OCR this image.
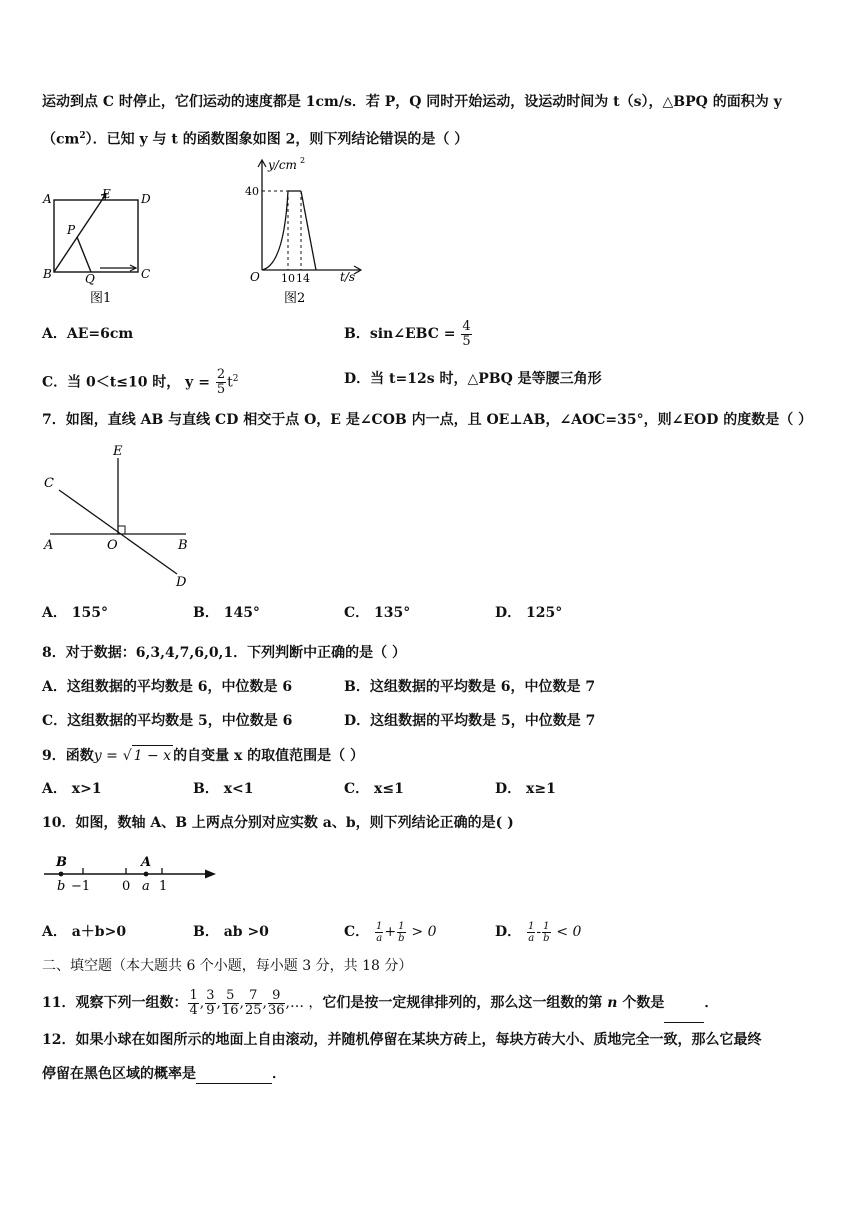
运动到点 C 时停止，它们运动的速度都是 1cm/s．若 P，Q 同时开始运动，设运动时间为 t（s），△BPQ 的面积为 y
$(cm^2)$．已知 y 与 t 的函数图象如图 2，则下列结论错误的是（ ）
A	E	D
P
B	Q	C
图1
y/cm 2
40
O 10 14	t/s
图2
A．AE=6cm	B．sin∠EBC = $\frac{4}{5}$
C．当 0＜t≤10 时， $y = \frac{2}{5} t^2$	D．当 t=12s 时，△PBQ 是等腰三角形
7．如图，直线 AB 与直线 CD 相交于点 O，E 是∠COB 内一点，且 OE⊥AB，∠AOC=35°，则∠EOD 的度数是（ ）
E
C
A	O	B
D
A． 155°	B． 145°	C． 135°	D． 125°
8．对于数据：6,3,4,7,6,0,1．下列判断中正确的是（ ）
A．这组数据的平均数是 6，中位数是 6	B．这组数据的平均数是 6，中位数是 7
C．这组数据的平均数是 5，中位数是 6	D．这组数据的平均数是 5，中位数是 7
9．函数y = √ 1 − x 的自变量 x 的取值范围是（ ）
A． x>1	B． x<1	C． x≤1	D． x≥1
10．如图，数轴 A、B 上两点分别对应实数 a、b，则下列结论正确的是( )
B	A
b −1 0 a 1
A． a＋b>0	B． ab >0	C． $\frac{1}{a} + \frac{1}{b} > 0$	D． $\frac{1}{a} - \frac{1}{b} < 0$
二、填空题（本大题共 6 个小题，每小题 3 分，共 18 分）
11．观察下列一组数： $\frac{1}{4}$ , $\frac{3}{9}$ , $\frac{5}{16}$ , $\frac{7}{25}$ , $\frac{9}{36}$ ,… ，它们是按一定规律排列的，那么这一组数的第 n 个数是	．
12．如果小球在如图所示的地面上自由滚动，并随机停留在某块方砖上，每块方砖大小、质地完全一致，那么它最终
停留在黑色区域的概率是	．
